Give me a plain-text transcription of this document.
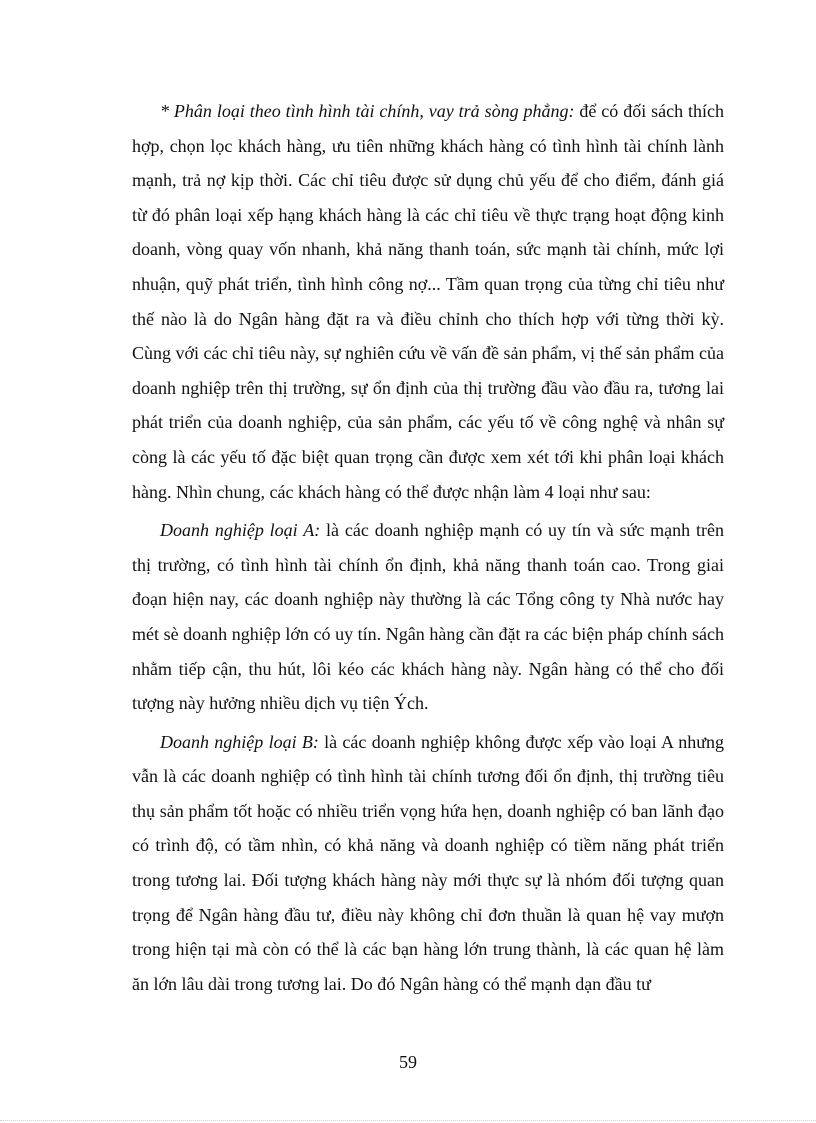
* Phân loại theo tình hình tài chính, vay trả sòng phẳng: để có đối sách thích hợp, chọn lọc khách hàng, ưu tiên những khách hàng có tình hình tài chính lành mạnh, trả nợ kịp thời. Các chỉ tiêu được sử dụng chủ yếu để cho điểm, đánh giá từ đó phân loại xếp hạng khách hàng là các chỉ tiêu về thực trạng hoạt động kinh doanh, vòng quay vốn nhanh, khả năng thanh toán, sức mạnh tài chính, mức lợi nhuận, quỹ phát triển, tình hình công nợ... Tầm quan trọng của từng chỉ tiêu như thế nào là do Ngân hàng đặt ra và điều chỉnh cho thích hợp với từng thời kỳ. Cùng với các chỉ tiêu này, sự nghiên cứu về vấn đề sản phẩm, vị thế sản phẩm của doanh nghiệp trên thị trường, sự ổn định của thị trường đầu vào đầu ra, tương lai phát triển của doanh nghiệp, của sản phẩm, các yếu tố về công nghệ và nhân sự còng là các yếu tố đặc biệt quan trọng cần được xem xét tới khi phân loại khách hàng. Nhìn chung, các khách hàng có thể được nhận làm 4 loại như sau:

Doanh nghiệp loại A: là các doanh nghiệp mạnh có uy tín và sức mạnh trên thị trường, có tình hình tài chính ổn định, khả năng thanh toán cao. Trong giai đoạn hiện nay, các doanh nghiệp này thường là các Tổng công ty Nhà nước hay mét sè doanh nghiệp lớn có uy tín. Ngân hàng cần đặt ra các biện pháp chính sách nhằm tiếp cận, thu hút, lôi kéo các khách hàng này. Ngân hàng có thể cho đối tượng này hưởng nhiều dịch vụ tiện Ých.

Doanh nghiệp loại B: là các doanh nghiệp không được xếp vào loại A nhưng vẫn là các doanh nghiệp có tình hình tài chính tương đối ổn định, thị trường tiêu thụ sản phẩm tốt hoặc có nhiều triển vọng hứa hẹn, doanh nghiệp có ban lãnh đạo có trình độ, có tầm nhìn, có khả năng và doanh nghiệp có tiềm năng phát triển trong tương lai. Đối tượng khách hàng này mới thực sự là nhóm đối tượng quan trọng để Ngân hàng đầu tư, điều này không chỉ đơn thuần là quan hệ vay mượn trong hiện tại mà còn có thể là các bạn hàng lớn trung thành, là các quan hệ làm ăn lớn lâu dài trong tương lai. Do đó Ngân hàng có thể mạnh dạn đầu tư

59
